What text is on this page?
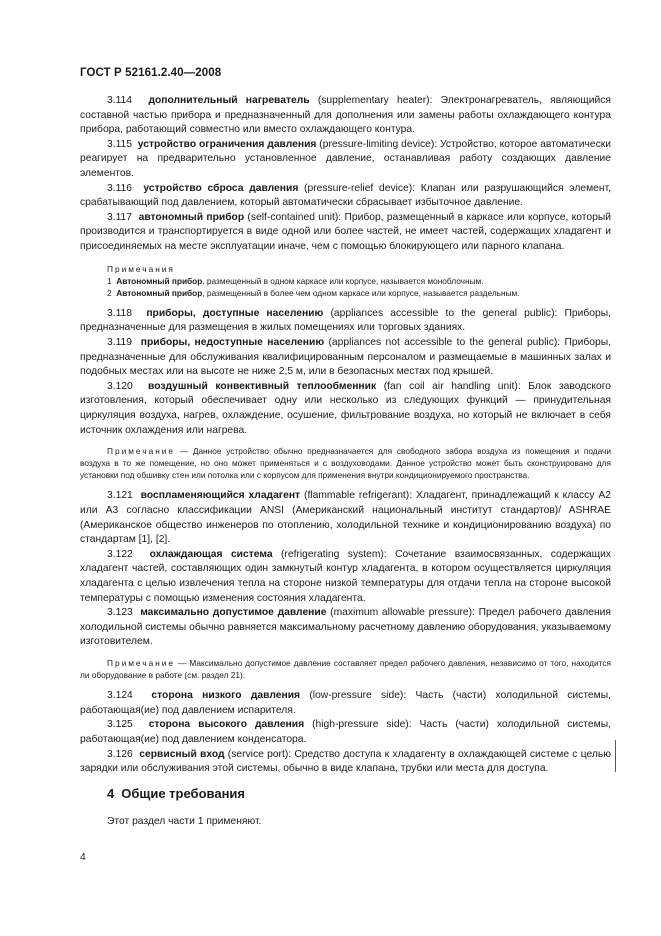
ГОСТ Р 52161.2.40—2008

3.114 дополнительный нагреватель (supplementary heater): Электронагреватель, являющийся составной частью прибора и предназначенный для дополнения или замены работы охлаждающего контура прибора, работающий совместно или вместо охлаждающего контура.

3.115 устройство ограничения давления (pressure-limiting device): Устройство, которое автоматически реагирует на предварительно установленное давление, останавливая работу создающих давление элементов.

3.116 устройство сброса давления (pressure-relief device): Клапан или разрушающийся элемент, срабатывающий под давлением, который автоматически сбрасывает избыточное давление.

3.117 автономный прибор (self-contained unit): Прибор, размещенный в каркасе или корпусе, который производится и транспортируется в виде одной или более частей, не имеет частей, содержащих хладагент и присоединяемых на месте эксплуатации иначе, чем с помощью блокирующего или парного клапана.

Примечания

1 Автономный прибор, размещенный в одном каркасе или корпусе, называется моноблочным.

2 Автономный прибор, размещенный в более чем одном каркасе или корпусе, называется раздельным.

3.118 приборы, доступные населению (appliances accessible to the general public): Приборы, предназначенные для размещения в жилых помещениях или торговых зданиях.

3.119 приборы, недоступные населению (appliances not accessible to the general public): Приборы, предназначенные для обслуживания квалифицированным персоналом и размещаемые в машинных залах и подобных местах или на высоте не ниже 2,5 м, или в безопасных местах под крышей.

3.120 воздушный конвективный теплообменник (fan coil air handling unit): Блок заводского изготовления, который обеспечивает одну или несколько из следующих функций — принудительная циркуляция воздуха, нагрев, охлаждение, осушение, фильтрование воздуха, но который не включает в себя источник охлаждения или нагрева.

Примечание — Данное устройство обычно предназначается для свободного забора воздуха из помещения и подачи воздуха в то же помещение, но оно может применяться и с воздуховодами. Данное устройство может быть сконструировано для установки под обшивку стен или потолка или с корпусом для применения внутри кондиционируемого пространства.

3.121 воспламеняющийся хладагент (flammable refrigerant): Хладагент, принадлежащий к классу А2 или А3 согласно классификации ANSI (Американский национальный институт стандартов)/ ASHRAE (Американское общество инженеров по отоплению, холодильной технике и кондиционированию воздуха) по стандартам [1], [2].

3.122 охлаждающая система (refrigerating system): Сочетание взаимосвязанных, содержащих хладагент частей, составляющих один замкнутый контур хладагента, в котором осуществляется циркуляция хладагента с целью извлечения тепла на стороне низкой температуры для отдачи тепла на стороне высокой температуры с помощью изменения состояния хладагента.

3.123 максимально допустимое давление (maximum allowable pressure): Предел рабочего давления холодильной системы обычно равняется максимальному расчетному давлению оборудования, указываемому изготовителем.

Примечание — Максимально допустимое давление составляет предел рабочего давления, независимо от того, находится ли оборудование в работе (см. раздел 21).

3.124 сторона низкого давления (low-pressure side): Часть (части) холодильной системы, работающая(ие) под давлением испарителя.

3.125 сторона высокого давления (high-pressure side): Часть (части) холодильной системы, работающая(ие) под давлением конденсатора.

3.126 сервисный вход (service port): Средство доступа к хладагенту в охлаждающей системе с целью зарядки или обслуживания этой системы, обычно в виде клапана, трубки или места для доступа.

4 Общие требования
Этот раздел части 1 применяют.
4
